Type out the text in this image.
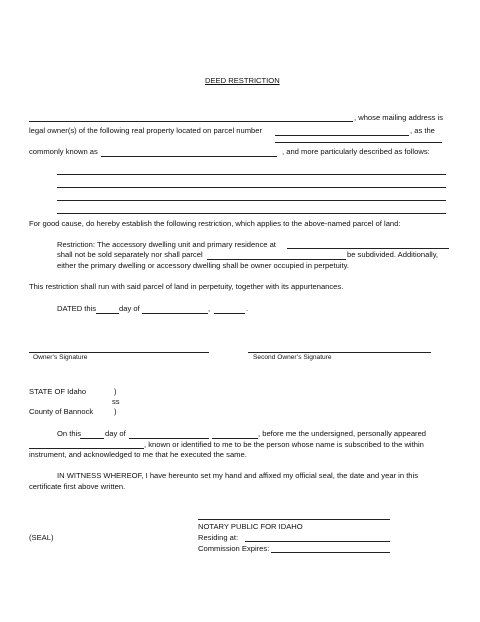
DEED RESTRICTION
, whose mailing address is
legal owner(s) of the following real property located on parcel number	, as the
commonly known as	, and more particularly described as follows:
For good cause, do hereby establish the following restriction, which applies to the above-named parcel of land:
Restriction: The accessory dwelling unit and primary residence at
shall not be sold separately nor shall parcel	be subdivided. Additionally,
either the primary dwelling or accessory dwelling shall be owner occupied in perpetuity.
This restriction shall run with said parcel of land in perpetuity, together with its appurtenances.
DATED this	day of	,	.
Owner’s Signature	Second Owner’s Signature
STATE OF Idaho	)
ss
County of Bannock	)
On this	day of	, before me the undersigned, personally appeared
, known or identified to me to be the person whose name is subscribed to the within
instrument, and acknowledged to me that he executed the same.
IN WITNESS WHEREOF, I have hereunto set my hand and affixed my official seal, the date and year in this
certificate first above written.
NOTARY PUBLIC FOR IDAHO
(SEAL)	Residing at:
Commission Expires:
